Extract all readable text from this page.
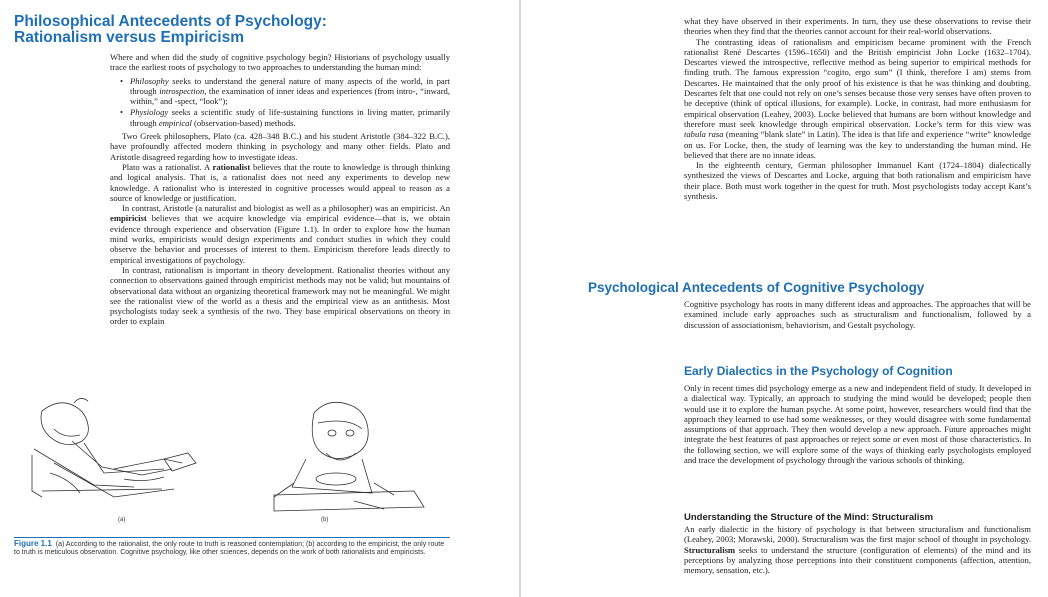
Philosophical Antecedents of Psychology:
Rationalism versus Empiricism

Where and when did the study of cognitive psychology begin? Historians of psychology usually trace the earliest roots of psychology to two approaches to understanding the human mind:

• Philosophy seeks to understand the general nature of many aspects of the world, in part through introspection, the examination of inner ideas and experiences (from intro-, “inward, within,” and -spect, “look”);
• Physiology seeks a scientific study of life-sustaining functions in living matter, primarily through empirical (observation-based) methods.

Two Greek philosophers, Plato (ca. 428–348 B.C.) and his student Aristotle (384–322 B.C.), have profoundly affected modern thinking in psychology and many other fields. Plato and Aristotle disagreed regarding how to investigate ideas.

Plato was a rationalist. A rationalist believes that the route to knowledge is through thinking and logical analysis. That is, a rationalist does not need any experiments to develop new knowledge. A rationalist who is interested in cognitive processes would appeal to reason as a source of knowledge or justification.

In contrast, Aristotle (a naturalist and biologist as well as a philosopher) was an empiricist. An empiricist believes that we acquire knowledge via empirical evidence—that is, we obtain evidence through experience and observation (Figure 1.1). In order to explore how the human mind works, empiricists would design experiments and conduct studies in which they could observe the behavior and processes of interest to them. Empiricism therefore leads directly to empirical investigations of psychology.

In contrast, rationalism is important in theory development. Rationalist theories without any connection to observations gained through empiricist methods may not be valid; but mountains of observational data without an organizing theoretical framework may not be meaningful. We might see the rationalist view of the world as a thesis and the empirical view as an antithesis. Most psychologists today seek a synthesis of the two. They base empirical observations on theory in order to explain

(a)	(b)
Figure 1.1 (a) According to the rationalist, the only route to truth is reasoned contemplation; (b) according to the empiricist, the only route to truth is meticulous observation. Cognitive psychology, like other sciences, depends on the work of both rationalists and empiricists.

what they have observed in their experiments. In turn, they use these observations to revise their theories when they find that the theories cannot account for their real-world observations.

The contrasting ideas of rationalism and empiricism became prominent with the French rationalist René Descartes (1596–1650) and the British empiricist John Locke (1632–1704). Descartes viewed the introspective, reflective method as being superior to empirical methods for finding truth. The famous expression “cogito, ergo sum” (I think, therefore I am) stems from Descartes. He maintained that the only proof of his existence is that he was thinking and doubting. Descartes felt that one could not rely on one’s senses because those very senses have often proven to be deceptive (think of optical illusions, for example). Locke, in contrast, had more enthusiasm for empirical observation (Leahey, 2003). Locke believed that humans are born without knowledge and therefore must seek knowledge through empirical observation. Locke’s term for this view was tabula rasa (meaning “blank slate” in Latin). The idea is that life and experience “write” knowledge on us. For Locke, then, the study of learning was the key to understanding the human mind. He believed that there are no innate ideas.

In the eighteenth century, German philosopher Immanuel Kant (1724–1804) dialectically synthesized the views of Descartes and Locke, arguing that both rationalism and empiricism have their place. Both must work together in the quest for truth. Most psychologists today accept Kant’s synthesis.

Psychological Antecedents of Cognitive Psychology

Cognitive psychology has roots in many different ideas and approaches. The approaches that will be examined include early approaches such as structuralism and functionalism, followed by a discussion of associationism, behaviorism, and Gestalt psychology.

Early Dialectics in the Psychology of Cognition

Only in recent times did psychology emerge as a new and independent field of study. It developed in a dialectical way. Typically, an approach to studying the mind would be developed; people then would use it to explore the human psyche. At some point, however, researchers would find that the approach they learned to use had some weaknesses, or they would disagree with some fundamental assumptions of that approach. They then would develop a new approach. Future approaches might integrate the best features of past approaches or reject some or even most of those characteristics. In the following section, we will explore some of the ways of thinking early psychologists employed and trace the development of psychology through the various schools of thinking.

Understanding the Structure of the Mind: Structuralism

An early dialectic in the history of psychology is that between structuralism and functionalism (Leahey, 2003; Morawski, 2000). Structuralism was the first major school of thought in psychology. Structuralism seeks to understand the structure (configuration of elements) of the mind and its perceptions by analyzing those perceptions into their constituent components (affection, attention, memory, sensation, etc.).
